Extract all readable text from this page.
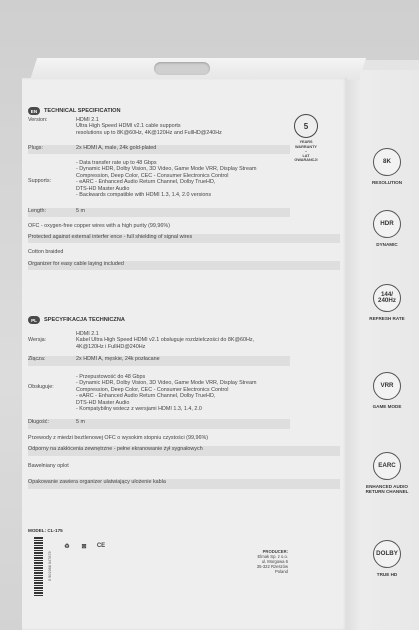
EN	TECHNICAL SPECIFICATION
Version:	HDMI 2.1
Ultra High Speed HDMI v2.1 cable supports
resolutions up to 8K@60Hz, 4K@120Hz and FullHD@240Hz
Plugs:	2x HDMI A, male, 24k gold-plated
Supports:
- Data transfer rate up to 48 Gbps
- Dynamic HDR, Dolby Vision, 3D Video, Game Mode VRR, Display Stream
Compression, Deep Color, CEC - Consumer Electronics Control
- eARC - Enhanced Audio Return Channel, Dolby TrueHD,
DTS-HD Master Audio
- Backwards compatible with HDMI 1.3, 1.4, 2.0 versions
Length:	5 m
OFC - oxygen-free copper wires with a high purity (99,96%)
Protected against external interfer ence - full shielding of signal wires
Cotton braided
Organizer for easy cable laying included
5
YEARS
WARRANTY
–
LAT
GWARANCJI
PL	SPECYFIKACJA TECHNICZNA
Wersja:
HDMI 2.1
Kabel Ultra High Speed HDMI v2.1 obsługuje rozdzielczości do 8K@60Hz,
4K@120Hz i FullHD@240Hz
Złącza:	2x HDMI A, męskie, 24k pozłacane
Obsługuje:
- Przepustowość do 48 Gbps
- Dynamic HDR, Dolby Vision, 3D Video, Game Mode VRR, Display Stream
Compression, Deep Color, CEC - Consumer Electronics Control
- eARC - Enhanced Audio Return Channel, Dolby TrueHD,
DTS-HD Master Audio
- Kompatybilny wstecz z wersjami HDMI 1.3, 1.4, 2.0
Długość:	5 m
Przewody z miedzi beztlenowej OFC o wysokim stopniu czystości (99,96%)
Odporny na zakłócenia zewnętrzne - pełne ekranowanie żył sygnałowych
Bawełniany oplot
Opakowanie zawiera organizer ułatwiający ułożenie kabla
MODEL: CL-175
5 901986 047679
♻	⊠	CE
PRODUCER:
Elmak Sp. z o.o.
ul. Morgowa 6
35-322 Rzeszów
Poland
8K
RESOLUTION
HDR
DYNAMIC
144/
240Hz
REFRESH RATE
VRR
GAME MODE
EARC
ENHANCED AUDIO
RETURN CHANNEL
DOLBY
TRUE HD
